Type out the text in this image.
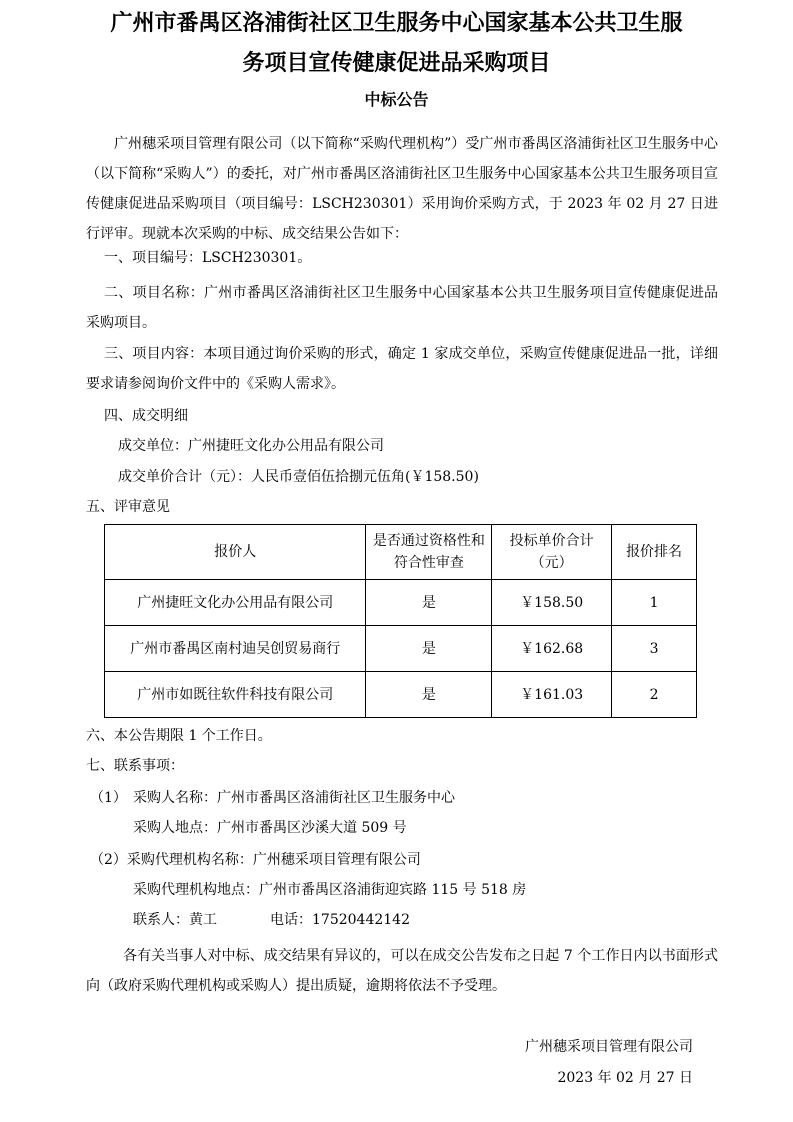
广州市番禺区洛浦街社区卫生服务中心国家基本公共卫生服
务项目宣传健康促进品采购项目
中标公告
广州穗采项目管理有限公司（以下简称“采购代理机构”）受广州市番禺区洛浦街社区卫生服务中心（以下简称“采购人”）的委托，对广州市番禺区洛浦街社区卫生服务中心国家基本公共卫生服务项目宣传健康促进品采购项目（项目编号：LSCH230301）采用询价采购方式，于 2023 年 02 月 27 日进行评审。现就本次采购的中标、成交结果公告如下：
一、项目编号：LSCH230301。
二、项目名称：广州市番禺区洛浦街社区卫生服务中心国家基本公共卫生服务项目宣传健康促进品采购项目。
三、项目内容：本项目通过询价采购的形式，确定 1 家成交单位，采购宣传健康促进品一批，详细要求请参阅询价文件中的《采购人需求》。
四、成交明细
成交单位：广州捷旺文化办公用品有限公司
成交单价合计（元）：人民币壹佰伍拾捌元伍角(￥158.50)
五、评审意见
报价人	是否通过资格性和符合性审查	投标单价合计（元）	报价排名
广州捷旺文化办公用品有限公司	是	￥158.50	1
广州市番禺区南村迪吴创贸易商行	是	￥162.68	3
广州市如既往软件科技有限公司	是	￥161.03	2
六、本公告期限 1 个工作日。
七、联系事项：
（1） 采购人名称：广州市番禺区洛浦街社区卫生服务中心
采购人地点：广州市番禺区沙溪大道 509 号
（2）采购代理机构名称：广州穗采项目管理有限公司
采购代理机构地点：广州市番禺区洛浦街迎宾路 115 号 518 房
联系人：黄工	电话：17520442142
各有关当事人对中标、成交结果有异议的，可以在成交公告发布之日起 7 个工作日内以书面形式向（政府采购代理机构或采购人）提出质疑，逾期将依法不予受理。
广州穗采项目管理有限公司
2023 年 02 月 27 日
